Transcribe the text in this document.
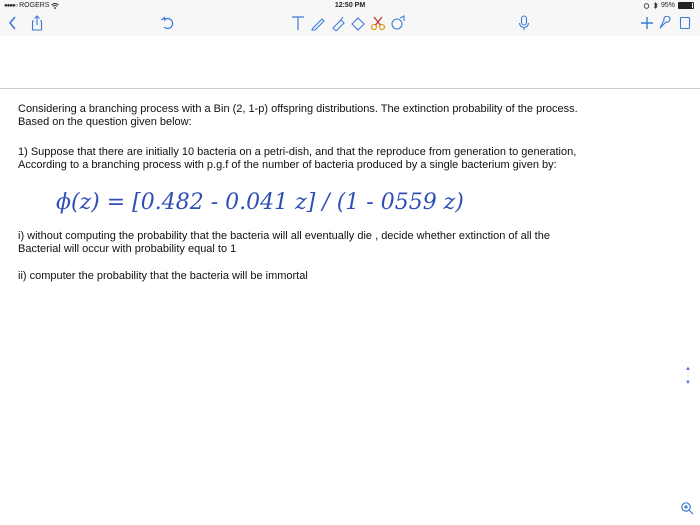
●●●●○ ROGERS	12:50 PM	95%
Considering a branching process with a Bin (2, 1-p) offspring distributions. The extinction probability of the process.
Based on the question given below:
1) Suppose that there are initially 10 bacteria on a petri-dish, and that the reproduce from generation to generation,
According to a branching process with p.g.f of the number of bacteria produced by a single bacterium given by:
ϕ(z) = [0.482 - 0.041 z] / (1 - 0559 z)
i) without computing the probability that the bacteria will all eventually die , decide whether extinction of all the
Bacterial will occur with probability equal to 1
ii) computer the probability that the bacteria will be immortal
▲
⋮
▼
